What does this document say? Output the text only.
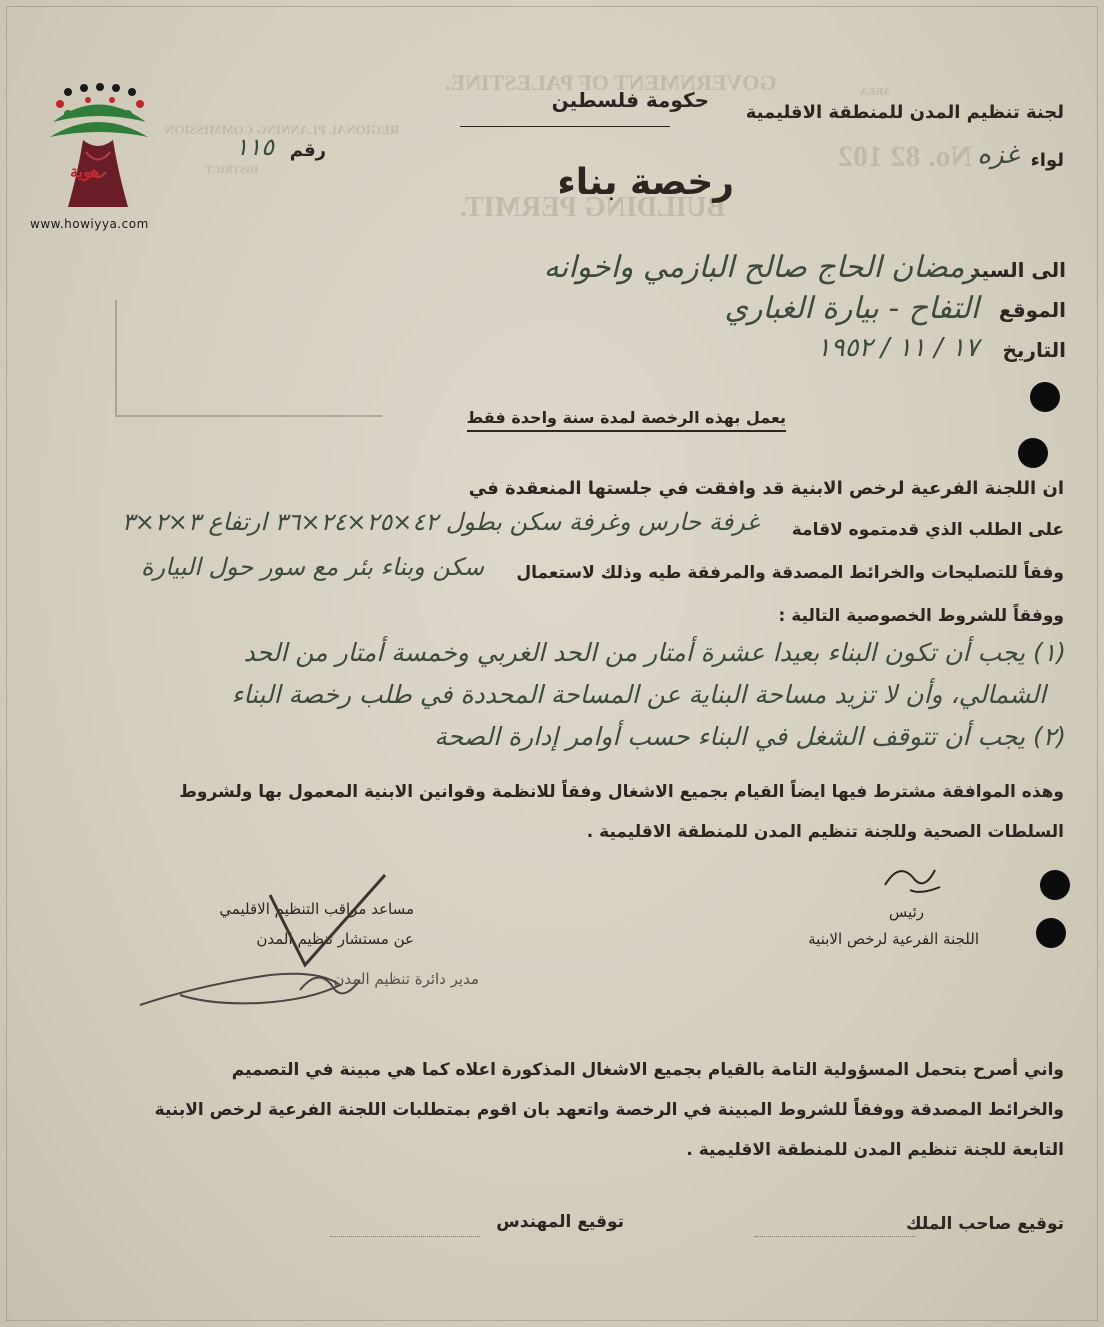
هوية
www.howiyya.com
GOVERNMENT OF PALESTINE.
REGIONAL PLANNING COMMISSION
DISTRICT
AREA
No. 82 102
BUILDING PERMIT.
لجنة تنظيم المدن للمنطقة الاقليمية
حكومة فلسطين
رقم
١١٥	لواء
غزه
رخصة بناء
الى السيد
رمضان الحاج صالح البازمي واخوانه
الموقع
التفاح - بيارة الغباري
التاريخ
١٧ / ١١ / ١٩٥٢
يعمل بهذه الرخصة لمدة سنة واحدة فقط
ان اللجنة الفرعية لرخص الابنية قد وافقت في جلستها المنعقدة في
على الطلب الذي قدمتموه لاقامة
غرفة حارس وغرفة سكن بطول ٤٢×٢٥×٢٤×٣٦ ارتفاع ٣×٢×٣
وفقاً للتصليحات والخرائط المصدقة والمرفقة طيه وذلك لاستعمال
سكن وبناء بئر مع سور حول البيارة
ووفقاً للشروط الخصوصية التالية :
(١) يجب أن تكون البناء بعيدا عشرة أمتار من الحد الغربي وخمسة أمتار من الحد
الشمالي، وأن لا تزيد مساحة البناية عن المساحة المحددة في طلب رخصة البناء
(٢) يجب أن تتوقف الشغل في البناء حسب أوامر إدارة الصحة
وهذه الموافقة مشترط فيها ايضاً القيام بجميع الاشغال وفقاً للانظمة وقوانين الابنية المعمول بها ولشروط
السلطات الصحية وللجنة تنظيم المدن للمنطقة الاقليمية .
رئيس
اللجنة الفرعية لرخص الابنية
مساعد مراقب التنظيم الاقليمي
عن مستشار تنظيم المدن
مدير دائرة تنظيم المدن
واني أصرح بتحمل المسؤولية التامة بالقيام بجميع الاشغال المذكورة اعلاه كما هي مبينة في التصميم
والخرائط المصدقة ووفقاً للشروط المبينة في الرخصة واتعهد بان اقوم بمتطلبات اللجنة الفرعية لرخص الابنية
التابعة للجنة تنظيم المدن للمنطقة الاقليمية .
توقيع صاحب الملك
توقيع المهندس
